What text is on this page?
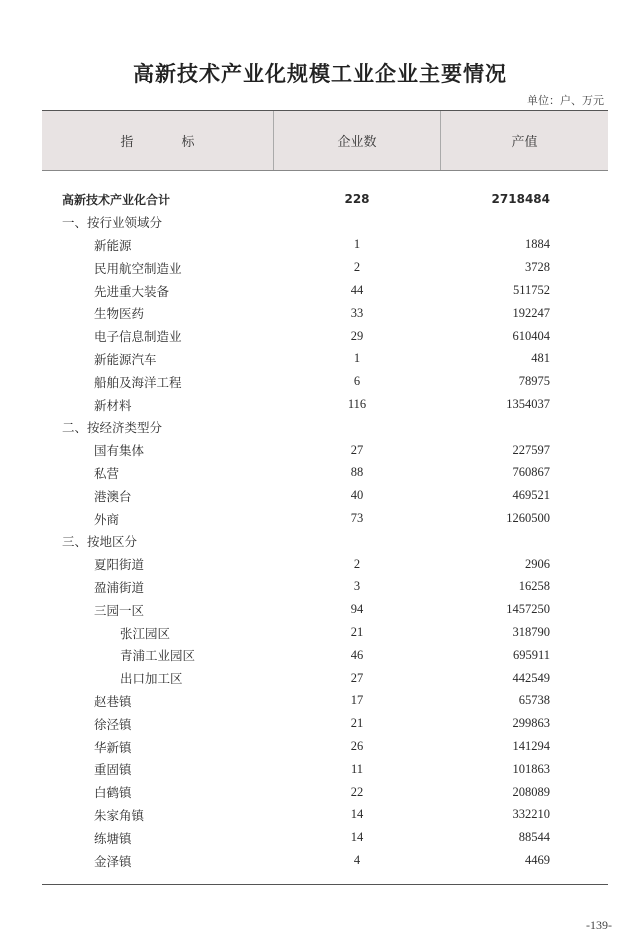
高新技术产业化规模工业企业主要情况
单位：户、万元
指 标	企业数	产值
高新技术产业化合计	228	2718484
一、按行业领域分
新能源	1	1884
民用航空制造业	2	3728
先进重大装备	44	511752
生物医药	33	192247
电子信息制造业	29	610404
新能源汽车	1	481
船舶及海洋工程	6	78975
新材料	116	1354037
二、按经济类型分
国有集体	27	227597
私营	88	760867
港澳台	40	469521
外商	73	1260500
三、按地区分
夏阳街道	2	2906
盈浦街道	3	16258
三园一区	94	1457250
张江园区	21	318790
青浦工业园区	46	695911
出口加工区	27	442549
赵巷镇	17	65738
徐泾镇	21	299863
华新镇	26	141294
重固镇	11	101863
白鹤镇	22	208089
朱家角镇	14	332210
练塘镇	14	88544
金泽镇	4	4469
-139-
